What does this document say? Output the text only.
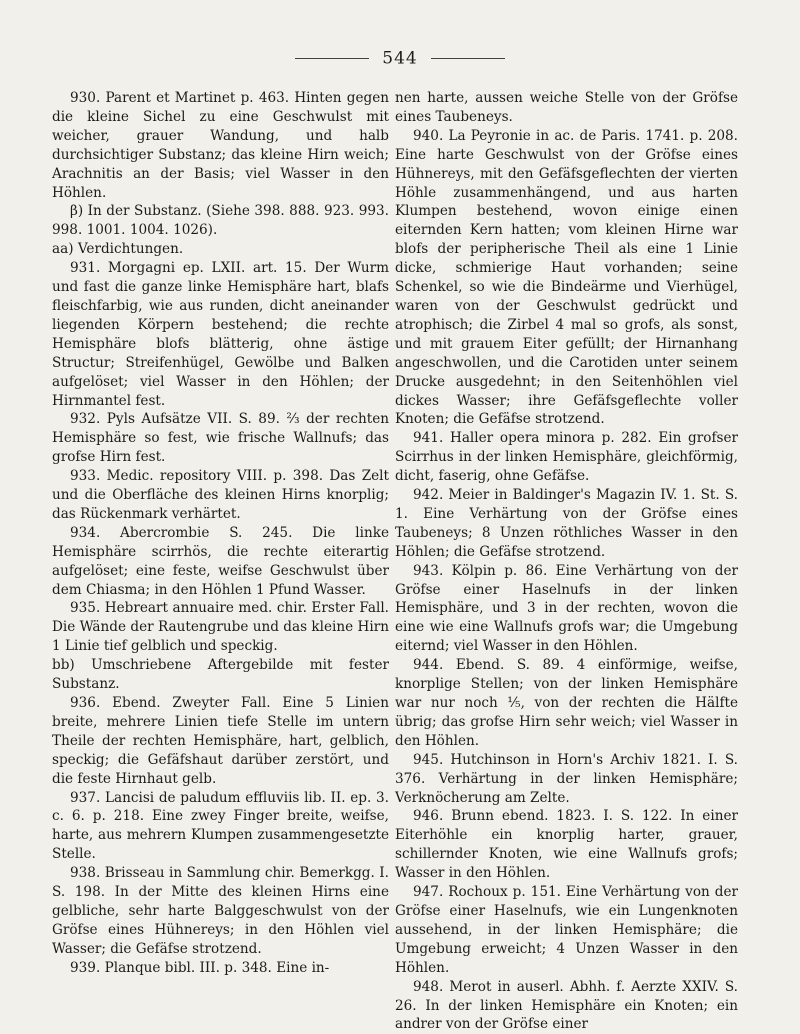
544

930. Parent et Martinet p. 463. Hinten gegen die kleine Sichel zu eine Geschwulst mit weicher, grauer Wandung, und halb durchsichtiger Substanz; das kleine Hirn weich; Arachnitis an der Basis; viel Wasser in den Höhlen.

β) In der Substanz. (Siehe 398. 888. 923. 993. 998. 1001. 1004. 1026).

aa) Verdichtungen.

931. Morgagni ep. LXII. art. 15. Der Wurm und fast die ganze linke Hemisphäre hart, blafs fleischfarbig, wie aus runden, dicht aneinander liegenden Körpern bestehend; die rechte Hemisphäre blofs blätterig, ohne ästige Structur; Streifenhügel, Gewölbe und Balken aufgelöset; viel Wasser in den Höhlen; der Hirnmantel fest.

932. Pyls Aufsätze VII. S. 89. ⅔ der rechten Hemisphäre so fest, wie frische Wallnufs; das grofse Hirn fest.

933. Medic. repository VIII. p. 398. Das Zelt und die Oberfläche des kleinen Hirns knorplig; das Rückenmark verhärtet.

934. Abercrombie S. 245. Die linke Hemisphäre scirrhös, die rechte eiterartig aufgelöset; eine feste, weifse Geschwulst über dem Chiasma; in den Höhlen 1 Pfund Wasser.

935. Hebreart annuaire med. chir. Erster Fall. Die Wände der Rautengrube und das kleine Hirn 1 Linie tief gelblich und speckig.

bb) Umschriebene Aftergebilde mit fester Substanz.

936. Ebend. Zweyter Fall. Eine 5 Linien breite, mehrere Linien tiefe Stelle im untern Theile der rechten Hemisphäre, hart, gelblich, speckig; die Gefäfshaut darüber zerstört, und die feste Hirnhaut gelb.

937. Lancisi de paludum effluviis lib. II. ep. 3. c. 6. p. 218. Eine zwey Finger breite, weifse, harte, aus mehrern Klumpen zusammengesetzte Stelle.

938. Brisseau in Sammlung chir. Bemerkgg. I. S. 198. In der Mitte des kleinen Hirns eine gelbliche, sehr harte Balggeschwulst von der Gröfse eines Hühnereys; in den Höhlen viel Wasser; die Gefäfse strotzend.

939. Planque bibl. III. p. 348. Eine in-

nen harte, aussen weiche Stelle von der Gröfse eines Taubeneys.

940. La Peyronie in ac. de Paris. 1741. p. 208. Eine harte Geschwulst von der Gröfse eines Hühnereys, mit den Gefäfsgeflechten der vierten Höhle zusammenhängend, und aus harten Klumpen bestehend, wovon einige einen eiternden Kern hatten; vom kleinen Hirne war blofs der peripherische Theil als eine 1 Linie dicke, schmierige Haut vorhanden; seine Schenkel, so wie die Bindeärme und Vierhügel, waren von der Geschwulst gedrückt und atrophisch; die Zirbel 4 mal so grofs, als sonst, und mit grauem Eiter gefüllt; der Hirnanhang angeschwollen, und die Carotiden unter seinem Drucke ausgedehnt; in den Seitenhöhlen viel dickes Wasser; ihre Gefäfsgeflechte voller Knoten; die Gefäfse strotzend.

941. Haller opera minora p. 282. Ein grofser Scirrhus in der linken Hemisphäre, gleichförmig, dicht, faserig, ohne Gefäfse.

942. Meier in Baldinger's Magazin IV. 1. St. S. 1. Eine Verhärtung von der Gröfse eines Taubeneys; 8 Unzen röthliches Wasser in den Höhlen; die Gefäfse strotzend.

943. Kölpin p. 86. Eine Verhärtung von der Gröfse einer Haselnufs in der linken Hemisphäre, und 3 in der rechten, wovon die eine wie eine Wallnufs grofs war; die Umgebung eiternd; viel Wasser in den Höhlen.

944. Ebend. S. 89. 4 einförmige, weifse, knorplige Stellen; von der linken Hemisphäre war nur noch ⅕, von der rechten die Hälfte übrig; das grofse Hirn sehr weich; viel Wasser in den Höhlen.

945. Hutchinson in Horn's Archiv 1821. I. S. 376. Verhärtung in der linken Hemisphäre; Verknöcherung am Zelte.

946. Brunn ebend. 1823. I. S. 122. In einer Eiterhöhle ein knorplig harter, grauer, schillernder Knoten, wie eine Wallnufs grofs; Wasser in den Höhlen.

947. Rochoux p. 151. Eine Verhärtung von der Gröfse einer Haselnufs, wie ein Lungenknoten aussehend, in der linken Hemisphäre; die Umgebung erweicht; 4 Unzen Wasser in den Höhlen.

948. Merot in auserl. Abhh. f. Aerzte XXIV. S. 26. In der linken Hemisphäre ein Knoten; ein andrer von der Gröfse einer
